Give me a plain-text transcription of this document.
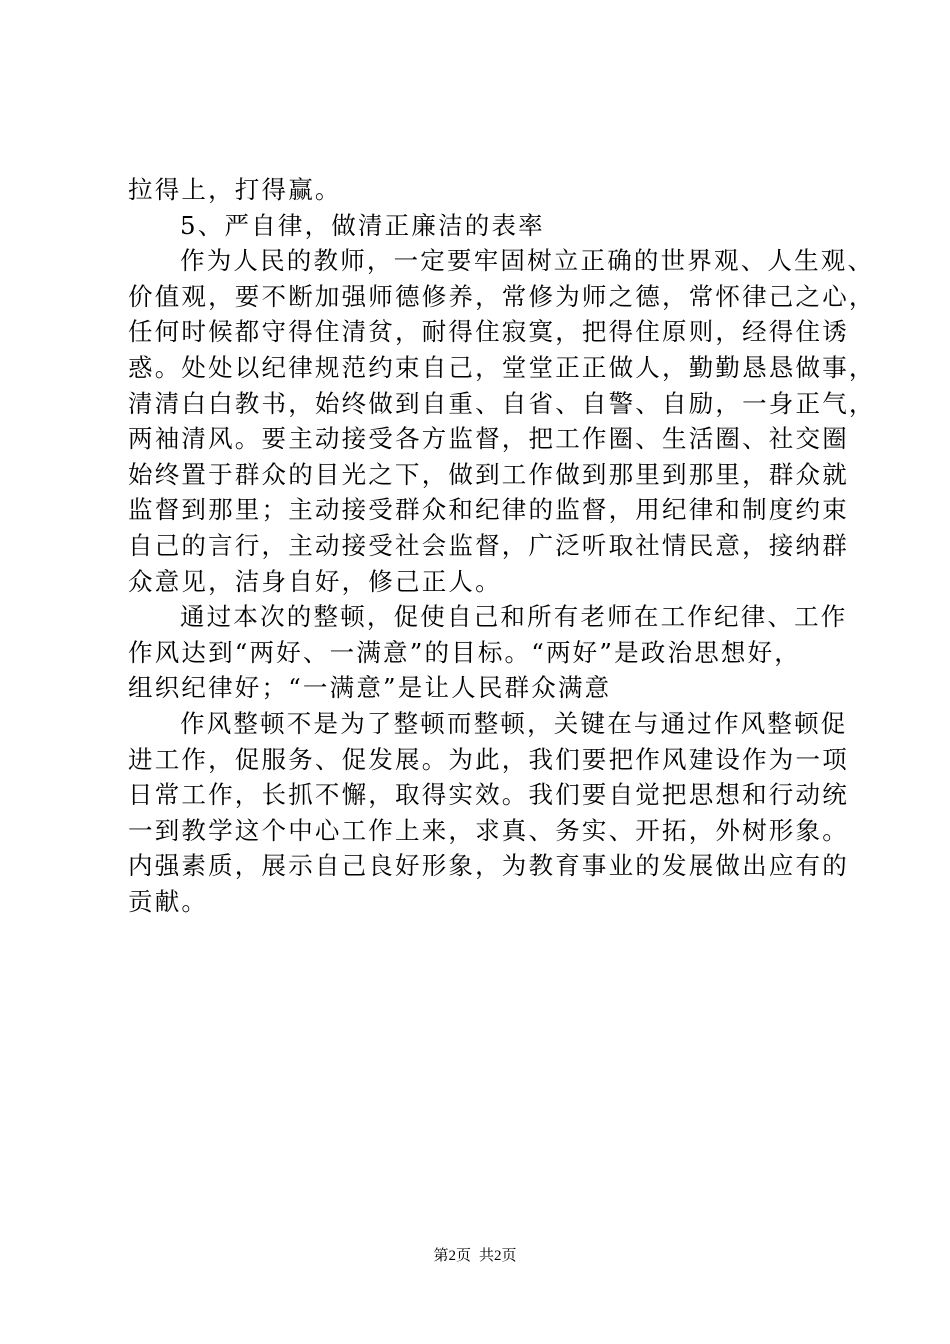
拉得上，打得赢。
5、严自律，做清正廉洁的表率
作为人民的教师，一定要牢固树立正确的世界观、人生观、
价值观，要不断加强师德修养，常修为师之德，常怀律己之心，
任何时候都守得住清贫，耐得住寂寞，把得住原则，经得住诱
惑。处处以纪律规范约束自己，堂堂正正做人，勤勤恳恳做事，
清清白白教书，始终做到自重、自省、自警、自励，一身正气，
两袖清风。要主动接受各方监督，把工作圈、生活圈、社交圈
始终置于群众的目光之下，做到工作做到那里到那里，群众就
监督到那里；主动接受群众和纪律的监督，用纪律和制度约束
自己的言行，主动接受社会监督，广泛听取社情民意，接纳群
众意见，洁身自好，修己正人。
通过本次的整顿，促使自己和所有老师在工作纪律、工作
作风达到“两好、一满意”的目标。“两好”是政治思想好，
组织纪律好；“一满意”是让人民群众满意
作风整顿不是为了整顿而整顿，关键在与通过作风整顿促
进工作，促服务、促发展。为此，我们要把作风建设作为一项
日常工作，长抓不懈，取得实效。我们要自觉把思想和行动统
一到教学这个中心工作上来，求真、务实、开拓，外树形象。
内强素质，展示自己良好形象，为教育事业的发展做出应有的
贡献。
第2页 共2页
